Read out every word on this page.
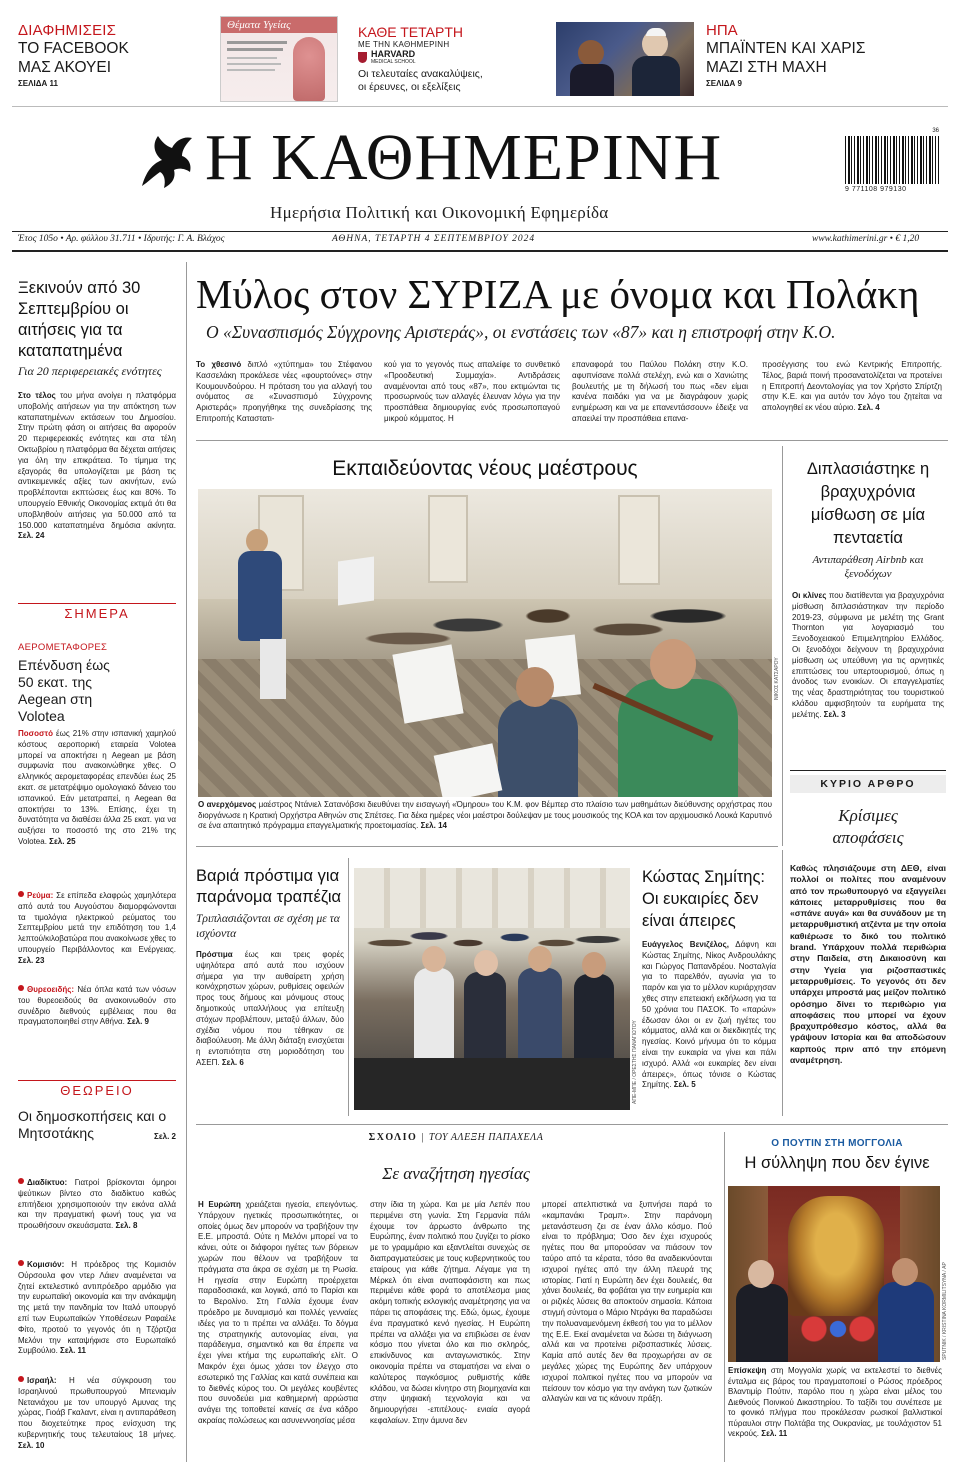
ΔΙΑΦΗΜΙΣΕΙΣ
ΤΟ FACEBOOK
ΜΑΣ ΑΚΟΥΕΙ
ΣΕΛΙΔΑ 11
Θέματα Υγείας	ΚΑΘΕ ΤΕΤΑΡΤΗ
ΜΕ ΤΗΝ ΚΑΘΗΜΕΡΙΝΗ
HARVARD
MEDICAL SCHOOL
Οι τελευταίες ανακαλύψεις,
οι έρευνες, οι εξελίξεις
ΗΠΑ
ΜΠΑΪΝΤΕΝ ΚΑΙ ΧΑΡΙΣ
ΜΑΖΙ ΣΤΗ ΜΑΧΗ
ΣΕΛΙΔΑ 9
Η ΚΑΘΗΜΕΡΙΝΗ
Ημερήσια Πολιτική και Οικονομική Εφημερίδα
36
9 771108 979130
Έτος 105ο • Αρ. φύλλου 31.711 • Ιδρυτής: Γ. Α. Βλάχος	ΑΘΗΝΑ, ΤΕΤΑΡΤΗ 4 ΣΕΠΤΕΜΒΡΙΟΥ 2024	www.kathimerini.gr • € 1,20
Ξεκινούν από 30 Σεπτεμβρίου οι αιτήσεις για τα καταπατημένα
Για 20 περιφερειακές ενότητες
Στο τέλος του μήνα ανοίγει η πλατφόρμα υποβολής αιτήσεων για την απόκτηση των καταπατημένων εκτάσεων του Δημοσίου. Στην πρώτη φάση οι αιτήσεις θα αφορούν 20 περιφερειακές ενότητες και στα τέλη Οκτωβρίου η πλατφόρμα θα δέχεται αιτήσεις για όλη την επικράτεια. Το τίμημα της εξαγοράς θα υπολογίζεται με βάση τις αντικειμενικές αξίες των ακινήτων, ενώ προβλέπονται εκπτώσεις έως και 80%. Το υπουργείο Εθνικής Οικονομίας εκτιμά ότι θα υποβληθούν αιτήσεις για 50.000 από τα 150.000 καταπατημένα δημόσια ακίνητα. Σελ. 24
ΣΗΜΕΡΑ
ΑΕΡΟΜΕΤΑΦΟΡΕΣ
Επένδυση έως 50 εκατ. της Aegean στη Volotea
Ποσοστό έως 21% στην ισπανική χαμηλού κόστους αεροπορική εταιρεία Volotea μπορεί να αποκτήσει η Aegean με βάση συμφωνία που ανακοινώθηκε χθες. Ο ελληνικός αερομεταφορέας επενδύει έως 25 εκατ. σε μετατρέψιμο ομολογιακό δάνειο του ισπανικού. Εάν μετατραπεί, η Aegean θα αποκτήσει το 13%. Επίσης, έχει τη δυνατότητα να διαθέσει άλλα 25 εκατ. για να αυξήσει το ποσοστό της στο 21% της Volotea. Σελ. 25
Ρεύμα: Σε επίπεδα ελαφρώς χαμηλότερα από αυτά του Αυγούστου διαμορφώνονται τα τιμολόγια ηλεκτρικού ρεύματος του Σεπτεμβρίου μετά την επιδότηση του 1,4 λεπτού/κιλοβατώρα που ανακοίνωσε χθες το υπουργείο Περιβάλλοντος και Ενέργειας. Σελ. 23
Θυρεοειδής: Νέα όπλα κατά των νόσων του θυρεοειδούς θα ανακοινωθούν στο συνέδριο διεθνούς εμβέλειας που θα πραγματοποιηθεί στην Αθήνα. Σελ. 9
ΘΕΩΡΕΙΟ
Οι δημοσκοπήσεις και ο Μητσοτάκης	Σελ. 2
Διαδίκτυο: Γιατροί βρίσκονται όμηροι ψεύτικων βίντεο στο διαδίκτυο καθώς επιτήδειοι χρησιμοποιούν την εικόνα αλλά και την πραγματική φωνή τους για να προωθήσουν σκευάσματα. Σελ. 8
Κομισιόν: Η πρόεδρος της Κομισιόν Ούρσουλα φον ντερ Λάιεν αναμένεται να ζητεί εκτελεστικό αντιπρόεδρο αρμόδιο για την ευρωπαϊκή οικονομία και την ανάκαμψη της μετά την πανδημία τον Ιταλό υπουργό επί των Ευρωπαϊκών Υποθέσεων Ραφαέλε Φίτο, προτού το γεγονός ότι η Τζόρτζια Μελόνι την καταψήφισε στο Ευρωπαϊκό Συμβούλιο. Σελ. 11
Ισραήλ: Η νέα σύγκρουση του Ισραηλινού πρωθυπουργού Μπενιαμίν Νετανιάχου με τον υπουργό Αμυνας της χώρας, Γιοάβ Γκαλαντ, είναι η αντιπαράθεση που διοχετεύτηκε προς ενίσχυση της κυβερνητικής τους τελευταίους 18 μήνες. Σελ. 10
Μύλος στον ΣΥΡΙΖΑ με όνομα και Πολάκη
Ο «Συνασπισμός Σύγχρονης Αριστεράς», οι ενστάσεις των «87» και η επιστροφή στην Κ.Ο.
Το χθεσινό διπλό «χτύπημα» του Στέφανου Κασσελάκη προκάλεσε νέες «φουρτούνες» στην Κουμουνδούρου. Η πρόταση του για αλλαγή του ονόματος σε «Συνασπισμό Σύγχρονης Αριστεράς» προηγήθηκε της συνεδρίασης της Επιτροπής Καταστατι-
κού για το γεγονός πως απαλείφε το συνθετικό «Προοδευτική Συμμαχία». Αντιδράσεις αναμένονται από τους «87», που εκτιμώνται τις προσωρινούς των αλλαγές έλευναν λόγω για την προσπάθεια δημιουργίας ενός προσωποπαγού μικρού κόμματος. Η
επαναφορά του Παύλου Πολάκη στην Κ.Ο. αφυπνίσανε πολλά στελέχη, ενώ και ο Χανιώτης βουλευτής με τη δήλωσή του πως «δεν είμαι κανένα παιδάκι για να με διαγράφουν χωρίς ενημέρωση και να με επανεντάσσουν» έδειξε να απαειλεί την προσπάθεια επανα-
προσέγγισης του ενώ Κεντρικής Επιτροπής. Τέλος, βαριά ποινή προσανατολίζεται να προτείνει η Επιτροπή Δεοντολογίας για τον Χρήστο Σπίρτζη στην Κ.Ε. και για αυτόν τον λόγο του ζητείται να απολογηθεί εκ νέου αύριο. Σελ. 4
Εκπαιδεύοντας νέους μαέστρους
ΝΙΚΟΣ ΚΑΤΣΑΡΟΥ
Ο ανερχόμενος μαέστρος Ντάνιελ Σατανόβσκι διευθύνει την εισαγωγή «Όμηρου» του Κ.Μ. φον Βέμπερ στο πλαίσιο των μαθημάτων διεύθυνσης ορχήστρας που διοργάνωσε η Κρατική Ορχήστρα Αθηνών στις Σπέτσες. Για δέκα ημέρες νέοι μαέστροι δούλεψαν με τους μουσικούς της ΚΟΑ και τον αρχιμουσικό Λουκά Καρυτινό σε ένα απαιτητικό πρόγραμμα επαγγελματικής προετοιμασίας. Σελ. 14
Διπλασιάστηκε η βραχυχρόνια μίσθωση σε μία πενταετία
Αντιπαράθεση Airbnb και ξενοδόχων
Οι κλίνες που διατίθενται για βραχυχρόνια μίσθωση διπλασιάστηκαν την περίοδο 2019-23, σύμφωνα με μελέτη της Grant Thornton για λογαριασμό του Ξενοδοχειακού Επιμελητηρίου Ελλάδος. Οι ξενοδόχοι δείχνουν τη βραχυχρόνια μίσθωση ως υπεύθυνη για τις αρνητικές επιπτώσεις του υπερτουρισμού, όπως η άνοδος των ενοικίων. Οι επαγγελματίες της νέας δραστηριότητας του τουριστικού κλάδου αμφισβητούν τα ευρήματα της μελέτης. Σελ. 3
ΚΥΡΙΟ ΑΡΘΡΟ
Κρίσιμες αποφάσεις
Καθώς πλησιάζουμε στη ΔΕΘ, είναι πολλοί οι πολίτες που αναμένουν από τον πρωθυπουργό να εξαγγείλει κάποιες μεταρρυθμίσεις που θα «σπάνε αυγά» και θα συνάδουν με τη μεταρρυθμιστική ατζέντα με την οποία καθιέρωσε το δικό του πολιτικό brand. Υπάρχουν πολλά περιθώρια στην Παιδεία, στη Δικαιοσύνη και στην Υγεία για ριζοσπαστικές μεταρρυθμίσεις. Το γεγονός ότι δεν υπάρχει μπροστά μας μείζον πολιτικό ορόσημο δίνει το περιθώριο για αποφάσεις που μπορεί να έχουν βραχυπρόθεσμο κόστος, αλλά θα γράψουν Ιστορία και θα αποδώσουν καρπούς πριν από την επόμενη αναμέτρηση.
Βαριά πρόστιμα για παράνομα τραπέζια
Τριπλασιάζονται σε σχέση με τα ισχύοντα
Πρόστιμα έως και τρεις φορές υψηλότερα από αυτά που ισχύουν σήμερα για την αυθαίρετη χρήση κοινόχρηστων χώρων, ρυθμίσεις οφειλών προς τους δήμους και μόνιμους στους δημοτικούς υπαλλήλους για επίτευξη στόχων προβλέπουν, μεταξύ άλλων, δύο σχέδια νόμου που τέθηκαν σε διαβούλευση. Με άλλη διάταξη ενισχύεται η εντοπιότητα στη μοριοδότηση του ΑΣΕΠ. Σελ. 6	ΑΠΕ-ΜΠΕ / ΟΡΕΣΤΗΣ ΠΑΝΑΓΙΩΤΟΥ
Κώστας Σημίτης: Οι ευκαιρίες δεν είναι άπειρες
Ευάγγελος Βενιζέλος, Δάφνη και Κώστας Σημίτης, Νίκος Ανδρουλάκης και Γιώργος Παπανδρέου. Νοσταλγία για το παρελθόν, αγωνία για το παρόν και για το μέλλον κυριάρχησαν χθες στην επετειακή εκδήλωση για τα 50 χρόνια του ΠΑΣΟΚ. Το «παρών» έδωσαν όλοι οι εν ζωή ηγέτες του κόμματος, αλλά και οι διεκδικητές της ηγεσίας. Κοινό μήνυμα ότι το κόμμα είναι την ευκαιρία να γίνει και πάλι ισχυρό. Αλλά «οι ευκαιρίες δεν είναι άπειρες», όπως τόνισε ο Κώστας Σημίτης. Σελ. 5
ΣΧΟΛΙΟ | ΤΟΥ ΑΛΕΞΗ ΠΑΠΑΧΕΛΑ
Σε αναζήτηση ηγεσίας
Η Ευρώπη χρειάζεται ηγεσία, επειγόντως. Υπάρχουν ηγετικές προσωπικότητες, οι οποίες όμως δεν μπορούν να τραβήξουν την Ε.Ε. μπροστά. Ούτε η Μελόνι μπορεί να το κάνει, ούτε οι διάφοροι ηγέτες των βόρειων χωρών που θέλουν να τραβήξουν τα πράγματα στα άκρα σε σχέση με τη Ρωσία. Η ηγεσία στην Ευρώπη προέρχεται παραδοσιακά, και λογικά, από το Παρίσι και το Βερολίνο. Στη Γαλλία έχουμε έναν πρόεδρο με δυναμισμό και πολλές γενναίες ιδέες για το τι πρέπει να αλλάξει. Το δόγμα της στρατηγικής αυτονομίας είναι, για παράδειγμα, σημαντικό και θα έπρεπε να έχει γίνει κτήμα της ευρωπαϊκής ελίτ. Ο Μακρόν έχει όμως χάσει τον έλεγχο στο εσωτερικό της Γαλλίας και κατά συνέπεια και το διεθνές κύρος του. Οι μεγάλες κουβέντες που συνοδεύει μια καθημερινή αρρώστια ανάγει της τοποθετεί κανείς σε ένα κάδρο ακραίας πολώσεως και ασυνεννοησίας μέσα
στην ίδια τη χώρα. Και με μία Λεπέν που περιμένει στη γωνία. Στη Γερμανία πάλι έχουμε τον άρρωστο άνθρωπο της Ευρώπης, έναν πολιτικό που ζυγίζει το ρίσκο με το γραμμάριο και εξαντλείται συνεχώς σε διαπραγματεύσεις με τους κυβερνητικούς του εταίρους για κάθε ζήτημα. Λέγαμε για τη Μέρκελ ότι είναι αναποφάσιστη και πως περιμένει κάθε φορά το αποτέλεσμα μιας ακόμη τοπικής εκλογικής αναμέτρησης για να πάρει τις αποφάσεις της. Εδώ, όμως, έχουμε ένα πραγματικό κενό ηγεσίας. Η Ευρώπη πρέπει να αλλάξει για να επιβιώσει σε έναν κόσμο που γίνεται όλο και πιο σκληρός, επικίνδυνος και ανταγωνιστικός. Στην οικονομία πρέπει να σταματήσει να είναι ο καλύτερος παγκόσμιος ρυθμιστής κάθε κλάδου, να δώσει κίνητρο στη βιομηχανία και στην ψηφιακή τεχνολογία και να δημιουργήσει -επιτέλους- ενιαία αγορά κεφαλαίων. Στην άμυνα δεν
μπορεί απελπιστικά να ξυπνήσει παρά το «καμπανάκι Τραμπ». Στην παράνομη μετανάστευση ζει σε έναν άλλο κόσμο. Πού είναι το πρόβλημα; Όσο δεν έχει ισχυρούς ηγέτες που θα μπορούσαν να πιάσουν τον ταύρο από τα κέρατα, τόσο θα αναδεικνύονται ισχυροί ηγέτες από την άλλη πλευρά της ιστορίας. Γιατί η Ευρώπη δεν έχει δουλειές, θα χάνει δουλειές, θα φοβάται για την ευημερία και οι ριζικές λύσεις θα αποκτούν σημασία. Κάποια στιγμή σύντομα ο Μάριο Ντράγκι θα παραδώσει την πολυαναμενόμενη έκθεσή του για το μέλλον της Ε.Ε. Εκεί αναμένεται να δώσει τη διάγνωση αλλά και να προτείνει ριζοσπαστικές λύσεις. Καμία από αυτές δεν θα προχωρήσει αν σε μεγάλες χώρες της Ευρώπης δεν υπάρχουν ισχυροί πολιτικοί ηγέτες που να μπορούν να πείσουν τον κόσμο για την ανάγκη των ζωτικών αλλαγών και να τις κάνουν πράξη.
Ο ΠΟΥΤΙΝ ΣΤΗ ΜΟΓΓΟΛΙΑ
Η σύλληψη που δεν έγινε
SPUTNIK / KRISTINA KORMILITSYNA / ΑΡ
Επίσκεψη στη Μογγολία χωρίς να εκτελεστεί το διεθνές ένταλμα εις βάρος του πραγματοποιεί ο Ρώσος πρόεδρος Βλαντιμίρ Πούτιν, παρόλο που η χώρα είναι μέλος του Διεθνούς Ποινικού Δικαστηρίου. Το ταξίδι του συνέπεσε με το φονικό πλήγμα που προκάλεσαν ρωσικοί βαλλιστικοί πύραυλοι στην Πολτάβα της Ουκρανίας, με τουλάχιστον 51 νεκρούς. Σελ. 11
